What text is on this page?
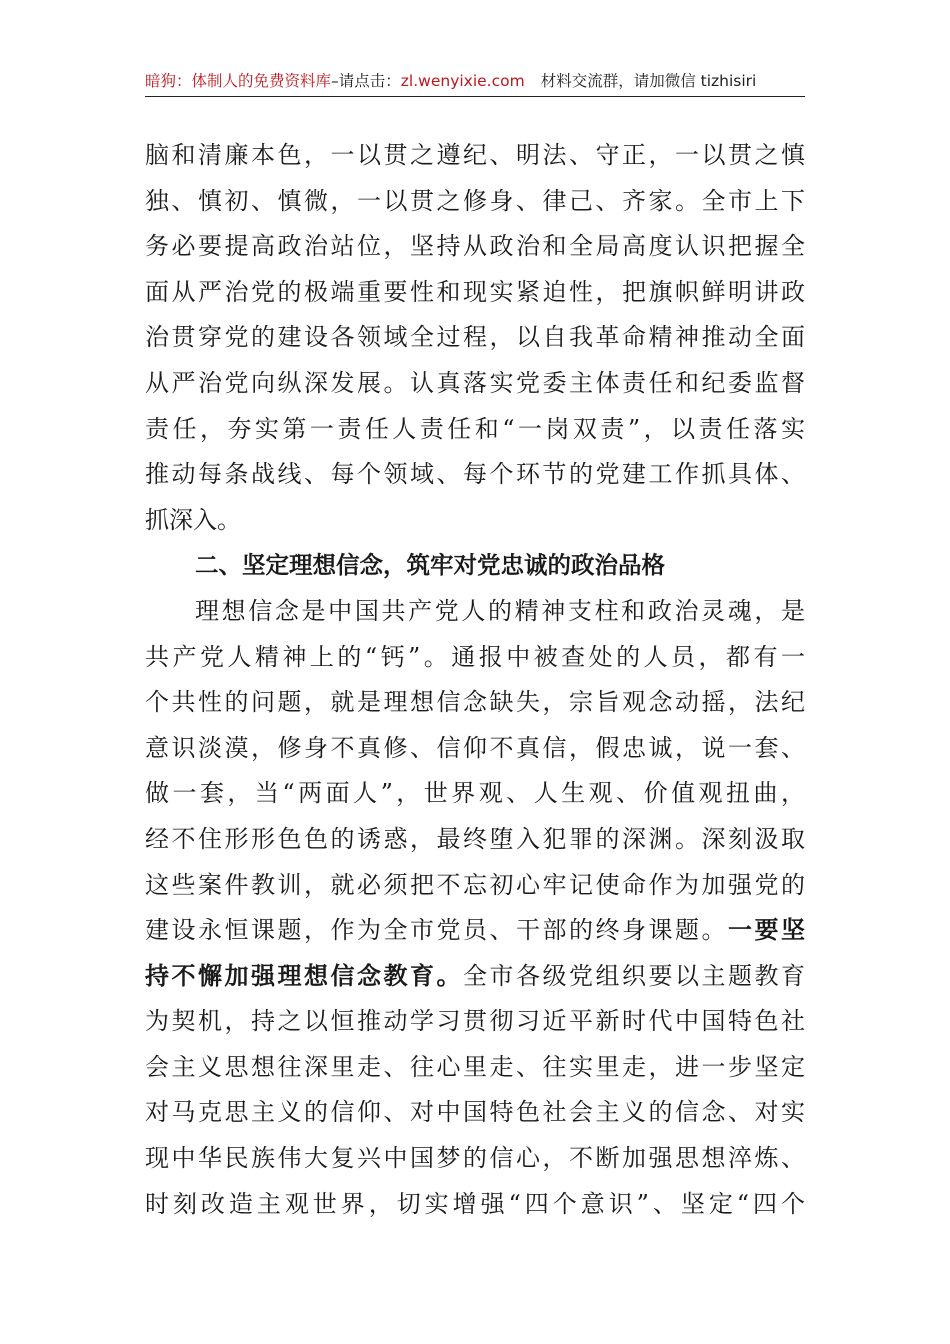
暗狗：体制人的免费资料库–请点击：zl.wenyixie.com 材料交流群，请加微信 tizhisiri
脑和清廉本色，一以贯之遵纪、明法、守正，一以贯之慎
独、慎初、慎微，一以贯之修身、律己、齐家。全市上下
务必要提高政治站位，坚持从政治和全局高度认识把握全
面从严治党的极端重要性和现实紧迫性，把旗帜鲜明讲政
治贯穿党的建设各领域全过程，以自我革命精神推动全面
从严治党向纵深发展。认真落实党委主体责任和纪委监督
责任，夯实第一责任人责任和“一岗双责”，以责任落实
推动每条战线、每个领域、每个环节的党建工作抓具体、
抓深入。
二、坚定理想信念，筑牢对党忠诚的政治品格
理想信念是中国共产党人的精神支柱和政治灵魂，是
共产党人精神上的“钙”。通报中被查处的人员，都有一
个共性的问题，就是理想信念缺失，宗旨观念动摇，法纪
意识淡漠，修身不真修、信仰不真信，假忠诚，说一套、
做一套，当“两面人”，世界观、人生观、价值观扭曲，
经不住形形色色的诱惑，最终堕入犯罪的深渊。深刻汲取
这些案件教训，就必须把不忘初心牢记使命作为加强党的
建设永恒课题，作为全市党员、干部的终身课题。一要坚
持不懈加强理想信念教育。全市各级党组织要以主题教育
为契机，持之以恒推动学习贯彻习近平新时代中国特色社
会主义思想往深里走、往心里走、往实里走，进一步坚定
对马克思主义的信仰、对中国特色社会主义的信念、对实
现中华民族伟大复兴中国梦的信心，不断加强思想淬炼、
时刻改造主观世界，切实增强“四个意识”、坚定“四个
